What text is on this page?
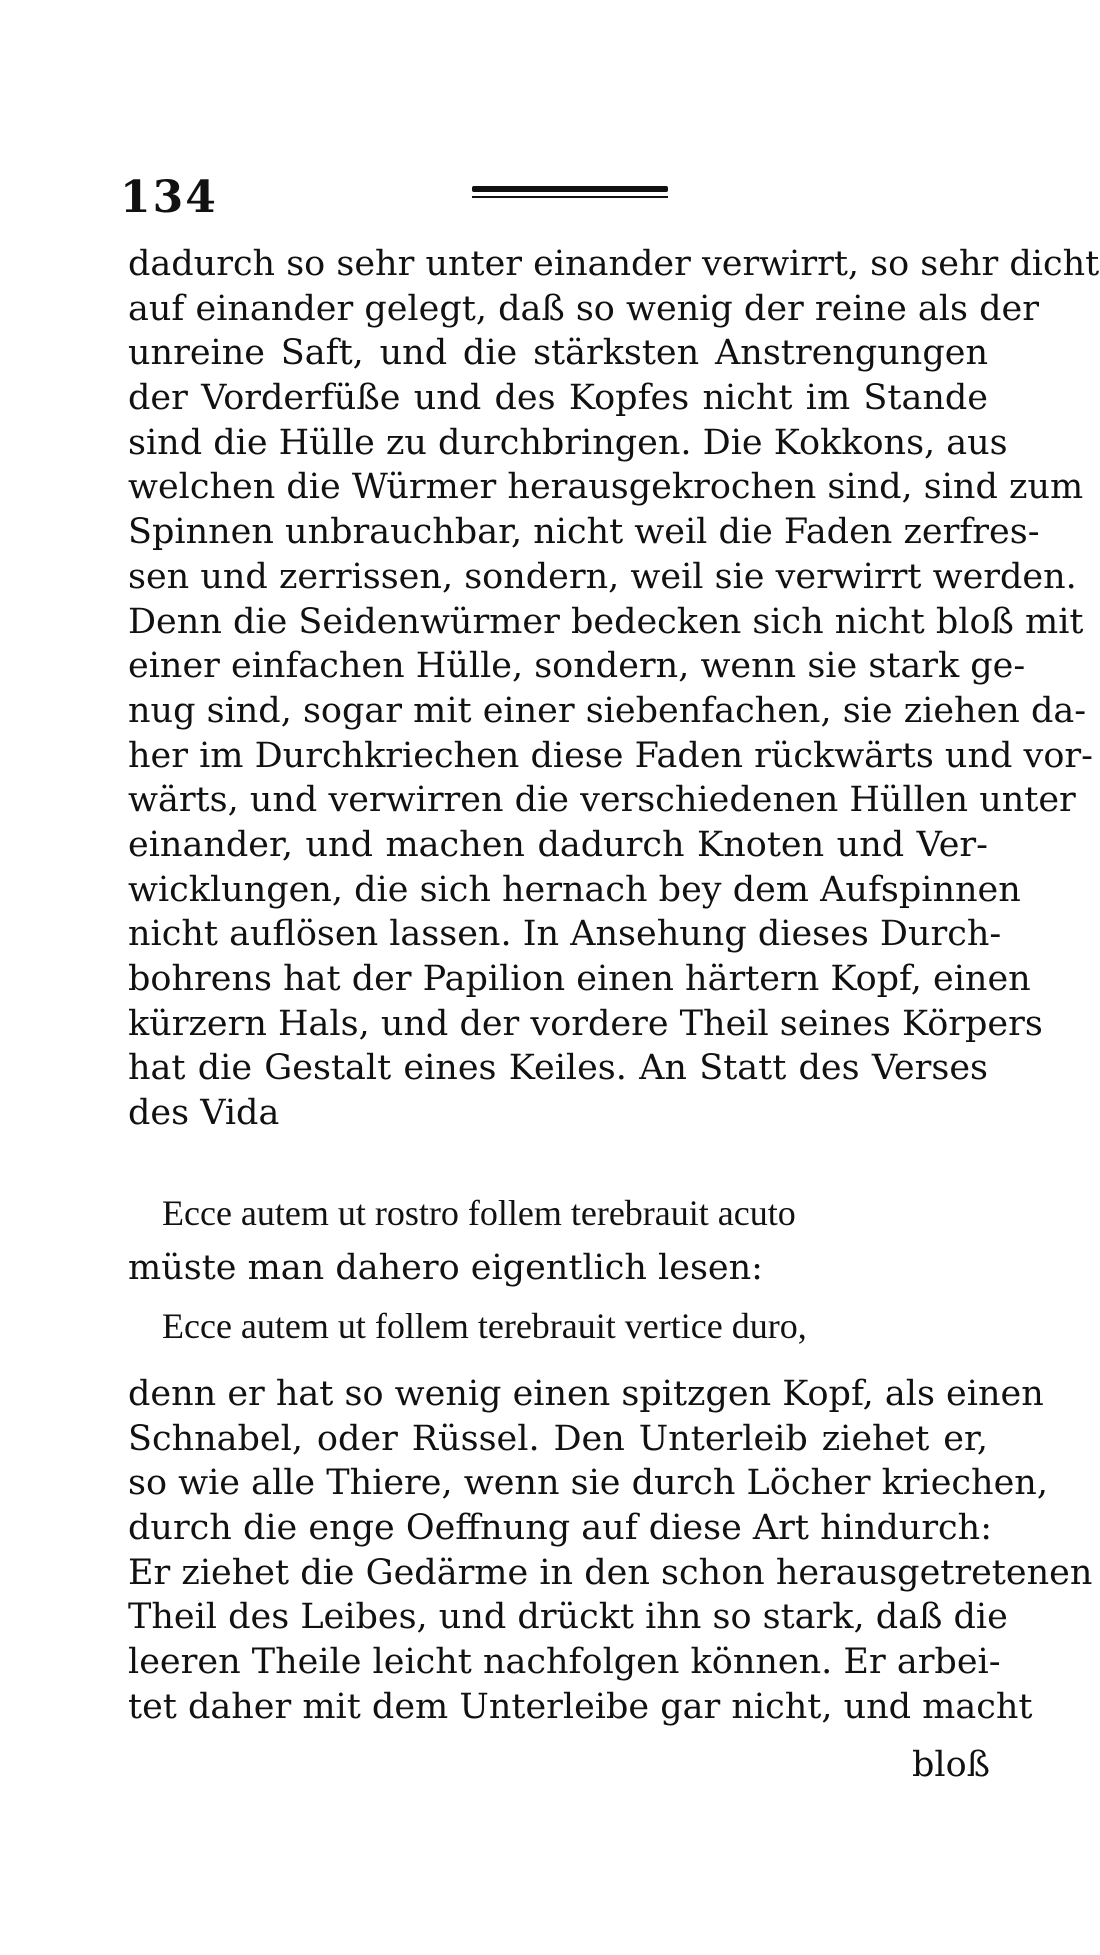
134
dadurch so sehr unter einander verwirrt, so sehr dicht
auf einander gelegt, daß so wenig der reine als der
unreine Saft, und die stärksten Anstrengungen
der Vorderfüße und des Kopfes nicht im Stande
sind die Hülle zu durchbringen. Die Kokkons, aus
welchen die Würmer herausgekrochen sind, sind zum
Spinnen unbrauchbar, nicht weil die Faden zerfres-
sen und zerrissen, sondern, weil sie verwirrt werden.
Denn die Seidenwürmer bedecken sich nicht bloß mit
einer einfachen Hülle, sondern, wenn sie stark ge-
nug sind, sogar mit einer siebenfachen, sie ziehen da-
her im Durchkriechen diese Faden rückwärts und vor-
wärts, und verwirren die verschiedenen Hüllen unter
einander, und machen dadurch Knoten und Ver-
wicklungen, die sich hernach bey dem Aufspinnen
nicht auflösen lassen. In Ansehung dieses Durch-
bohrens hat der Papilion einen härtern Kopf, einen
kürzern Hals, und der vordere Theil seines Körpers
hat die Gestalt eines Keiles. An Statt des Verses
des Vida
Ecce autem ut rostro follem terebrauit acuto
müste man dahero eigentlich lesen:
Ecce autem ut follem terebrauit vertice duro,
denn er hat so wenig einen spitzgen Kopf, als einen
Schnabel, oder Rüssel. Den Unterleib ziehet er,
so wie alle Thiere, wenn sie durch Löcher kriechen,
durch die enge Oeffnung auf diese Art hindurch:
Er ziehet die Gedärme in den schon herausgetretenen
Theil des Leibes, und drückt ihn so stark, daß die
leeren Theile leicht nachfolgen können. Er arbei-
tet daher mit dem Unterleibe gar nicht, und macht
bloß
